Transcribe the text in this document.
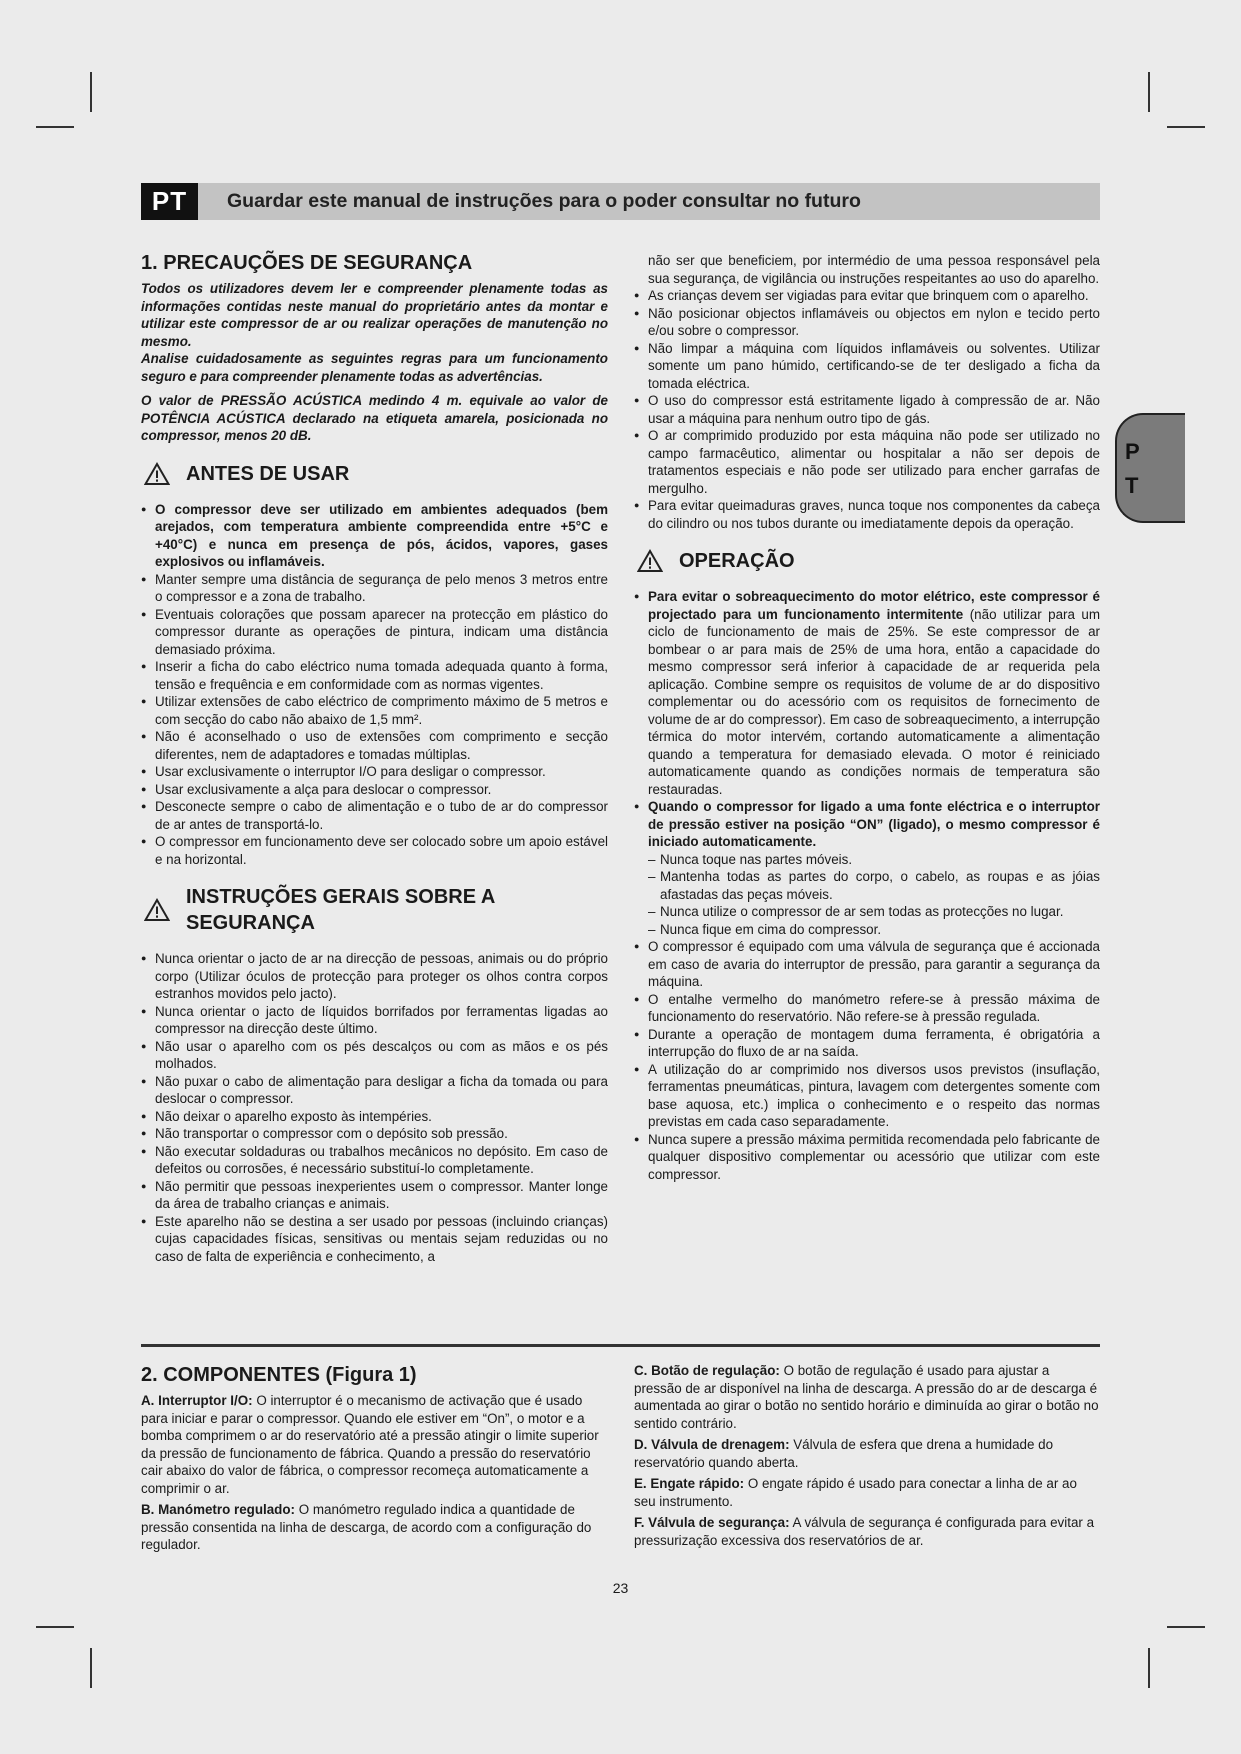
PT	Guardar este manual de instruções para o poder consultar no futuro
P
T

1. PRECAUÇÕES DE SEGURANÇA

Todos os utilizadores devem ler e compreender plenamente todas as informações contidas neste manual do proprietário antes da montar e utilizar este compressor de ar ou realizar operações de manutenção no mesmo.

Analise cuidadosamente as seguintes regras para um funcionamento seguro e para compreender plenamente todas as advertências.

O valor de PRESSÃO ACÚSTICA medindo 4 m. equivale ao valor de POTÊNCIA ACÚSTICA declarado na etiqueta amarela, posicionada no compressor, menos 20 dB.

ANTES DE USAR

● O compressor deve ser utilizado em ambientes adequados (bem arejados, com temperatura ambiente compreendida entre +5°C e +40°C) e nunca em presença de pós, ácidos, vapores, gases explosivos ou inflamáveis.

● Manter sempre uma distância de segurança de pelo menos 3 metros entre o compressor e a zona de trabalho.

● Eventuais colorações que possam aparecer na protecção em plástico do compressor durante as operações de pintura, indicam uma distância demasiado próxima.

● Inserir a ficha do cabo eléctrico numa tomada adequada quanto à forma, tensão e frequência e em conformidade com as normas vigentes.

● Utilizar extensões de cabo eléctrico de comprimento máximo de 5 metros e com secção do cabo não abaixo de 1,5 mm².

● Não é aconselhado o uso de extensões com comprimento e secção diferentes, nem de adaptadores e tomadas múltiplas.

● Usar exclusivamente o interruptor I/O para desligar o compressor.

● Usar exclusivamente a alça para deslocar o compressor.

● Desconecte sempre o cabo de alimentação e o tubo de ar do compressor de ar antes de transportá-lo.

● O compressor em funcionamento deve ser colocado sobre um apoio estável e na horizontal.

INSTRUÇÕES GERAIS SOBRE A SEGURANÇA

● Nunca orientar o jacto de ar na direcção de pessoas, animais ou do próprio corpo (Utilizar óculos de protecção para proteger os olhos contra corpos estranhos movidos pelo jacto).

● Nunca orientar o jacto de líquidos borrifados por ferramentas ligadas ao compressor na direcção deste último.

● Não usar o aparelho com os pés descalços ou com as mãos e os pés molhados.

● Não puxar o cabo de alimentação para desligar a ficha da tomada ou para deslocar o compressor.

● Não deixar o aparelho exposto às intempéries.

● Não transportar o compressor com o depósito sob pressão.

● Não executar soldaduras ou trabalhos mecânicos no depósito. Em caso de defeitos ou corrosões, é necessário substituí-lo completamente.

● Não permitir que pessoas inexperientes usem o compressor. Manter longe da área de trabalho crianças e animais.

● Este aparelho não se destina a ser usado por pessoas (incluindo crianças) cujas capacidades físicas, sensitivas ou mentais sejam reduzidas ou no caso de falta de experiência e conhecimento, a

não ser que beneficiem, por intermédio de uma pessoa responsável pela sua segurança, de vigilância ou instruções respeitantes ao uso do aparelho.

● As crianças devem ser vigiadas para evitar que brinquem com o aparelho.

● Não posicionar objectos inflamáveis ou objectos em nylon e tecido perto e/ou sobre o compressor.

● Não limpar a máquina com líquidos inflamáveis ou solventes. Utilizar somente um pano húmido, certificando-se de ter desligado a ficha da tomada eléctrica.

● O uso do compressor está estritamente ligado à compressão de ar. Não usar a máquina para nenhum outro tipo de gás.

● O ar comprimido produzido por esta máquina não pode ser utilizado no campo farmacêutico, alimentar ou hospitalar a não ser depois de tratamentos especiais e não pode ser utilizado para encher garrafas de mergulho.

● Para evitar queimaduras graves, nunca toque nos componentes da cabeça do cilindro ou nos tubos durante ou imediatamente depois da operação.

OPERAÇÃO

● Para evitar o sobreaquecimento do motor elétrico, este compressor é projectado para um funcionamento intermitente (não utilizar para um ciclo de funcionamento de mais de 25%. Se este compressor de ar bombear o ar para mais de 25% de uma hora, então a capacidade do mesmo compressor será inferior à capacidade de ar requerida pela aplicação. Combine sempre os requisitos de volume de ar do dispositivo complementar ou do acessório com os requisitos de fornecimento de volume de ar do compressor). Em caso de sobreaquecimento, a interrupção térmica do motor intervém, cortando automaticamente a alimentação quando a temperatura for demasiado elevada. O motor é reiniciado automaticamente quando as condições normais de temperatura são restauradas.

● Quando o compressor for ligado a uma fonte eléctrica e o interruptor de pressão estiver na posição “ON” (ligado), o mesmo compressor é iniciado automaticamente.

– Nunca toque nas partes móveis.

– Mantenha todas as partes do corpo, o cabelo, as roupas e as jóias afastadas das peças móveis.

– Nunca utilize o compressor de ar sem todas as protecções no lugar.

– Nunca fique em cima do compressor.

● O compressor é equipado com uma válvula de segurança que é accionada em caso de avaria do interruptor de pressão, para garantir a segurança da máquina.

● O entalhe vermelho do manómetro refere-se à pressão máxima de funcionamento do reservatório. Não refere-se à pressão regulada.

● Durante a operação de montagem duma ferramenta, é obrigatória a interrupção do fluxo de ar na saída.

● A utilização do ar comprimido nos diversos usos previstos (insuflação, ferramentas pneumáticas, pintura, lavagem com detergentes somente com base aquosa, etc.) implica o conhecimento e o respeito das normas previstas em cada caso separadamente.

● Nunca supere a pressão máxima permitida recomendada pelo fabricante de qualquer dispositivo complementar ou acessório que utilizar com este compressor.

2. COMPONENTES (Figura 1)

A. Interruptor I/O: O interruptor é o mecanismo de activação que é usado para iniciar e parar o compressor. Quando ele estiver em “On”, o motor e a bomba comprimem o ar do reservatório até a pressão atingir o limite superior da pressão de funcionamento de fábrica. Quando a pressão do reservatório cair abaixo do valor de fábrica, o compressor recomeça automaticamente a comprimir o ar.

B. Manómetro regulado: O manómetro regulado indica a quantidade de pressão consentida na linha de descarga, de acordo com a configuração do regulador.

C. Botão de regulação: O botão de regulação é usado para ajustar a pressão de ar disponível na linha de descarga. A pressão do ar de descarga é aumentada ao girar o botão no sentido horário e diminuída ao girar o botão no sentido contrário.

D. Válvula de drenagem: Válvula de esfera que drena a humidade do reservatório quando aberta.

E. Engate rápido: O engate rápido é usado para conectar a linha de ar ao seu instrumento.

F. Válvula de segurança: A válvula de segurança é configurada para evitar a pressurização excessiva dos reservatórios de ar.

23
